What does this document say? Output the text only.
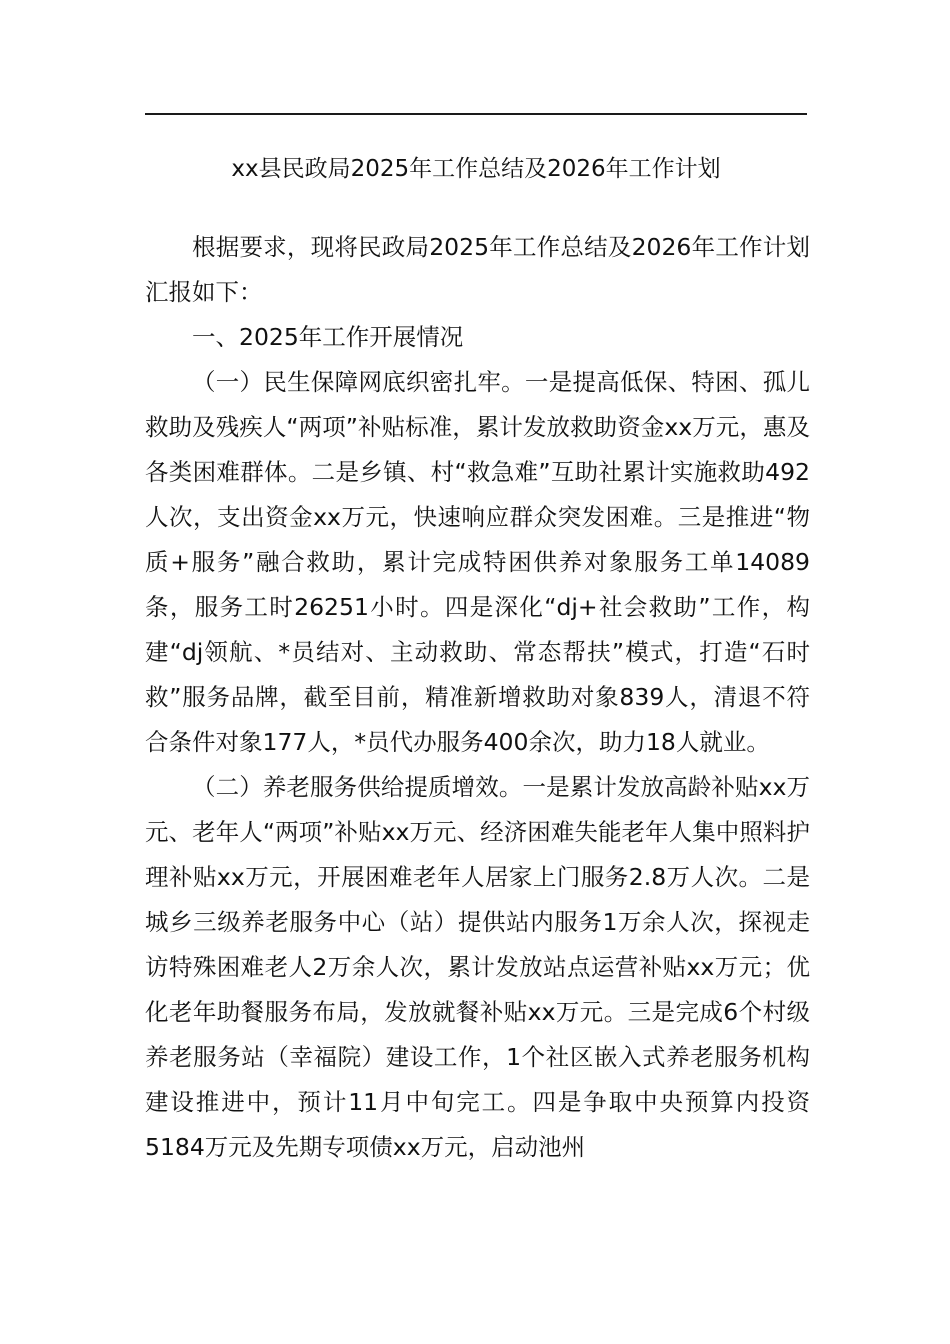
xx县民政局2025年工作总结及2026年工作计划

根据要求，现将民政局2025年工作总结及2026年工作计划汇报如下：

一、2025年工作开展情况

（一）民生保障网底织密扎牢。一是提高低保、特困、孤儿救助及残疾人“两项”补贴标准，累计发放救助资金xx万元，惠及各类困难群体。二是乡镇、村“救急难”互助社累计实施救助492人次，支出资金xx万元，快速响应群众突发困难。三是推进“物质+服务”融合救助，累计完成特困供养对象服务工单14089条，服务工时26251小时。四是深化“dj+社会救助”工作，构建“dj领航、*员结对、主动救助、常态帮扶”模式，打造“石时救”服务品牌，截至目前，精准新增救助对象839人，清退不符合条件对象177人，*员代办服务400余次，助力18人就业。

（二）养老服务供给提质增效。一是累计发放高龄补贴xx万元、老年人“两项”补贴xx万元、经济困难失能老年人集中照料护理补贴xx万元，开展困难老年人居家上门服务2.8万人次。二是城乡三级养老服务中心（站）提供站内服务1万余人次，探视走访特殊困难老人2万余人次，累计发放站点运营补贴xx万元；优化老年助餐服务布局，发放就餐补贴xx万元。三是完成6个村级养老服务站（幸福院）建设工作，1个社区嵌入式养老服务机构建设推进中，预计11月中旬完工。四是争取中央预算内投资5184万元及先期专项债xx万元，启动池州
